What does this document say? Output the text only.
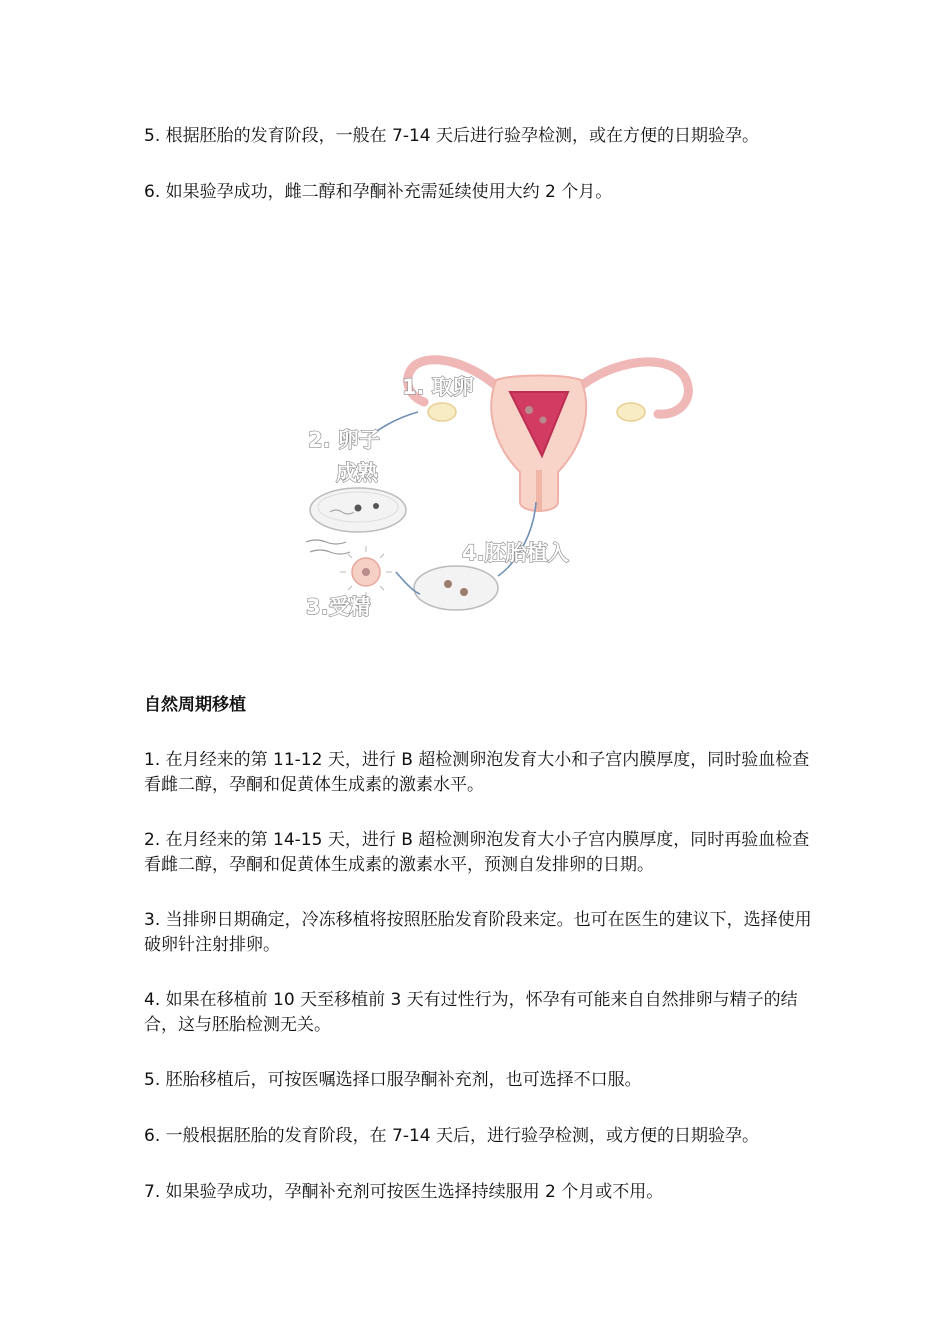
5. 根据胚胎的发育阶段，一般在 7-14 天后进行验孕检测，或在方便的日期验孕。

6. 如果验孕成功，雌二醇和孕酮补充需延续使用大约 2 个月。

1. 取卵
2. 卵子
成熟
3.受精
4.胚胎植入
自然周期移植

1. 在月经来的第 11-12 天，进行 B 超检测卵泡发育大小和子宫内膜厚度，同时验血检查看雌二醇，孕酮和促黄体生成素的激素水平。

2. 在月经来的第 14-15 天，进行 B 超检测卵泡发育大小子宫内膜厚度，同时再验血检查看雌二醇，孕酮和促黄体生成素的激素水平，预测自发排卵的日期。

3. 当排卵日期确定，冷冻移植将按照胚胎发育阶段来定。也可在医生的建议下，选择使用破卵针注射排卵。

4. 如果在移植前 10 天至移植前 3 天有过性行为，怀孕有可能来自自然排卵与精子的结合，这与胚胎检测无关。

5. 胚胎移植后，可按医嘱选择口服孕酮补充剂，也可选择不口服。

6. 一般根据胚胎的发育阶段，在 7-14 天后，进行验孕检测，或方便的日期验孕。

7. 如果验孕成功，孕酮补充剂可按医生选择持续服用 2 个月或不用。
